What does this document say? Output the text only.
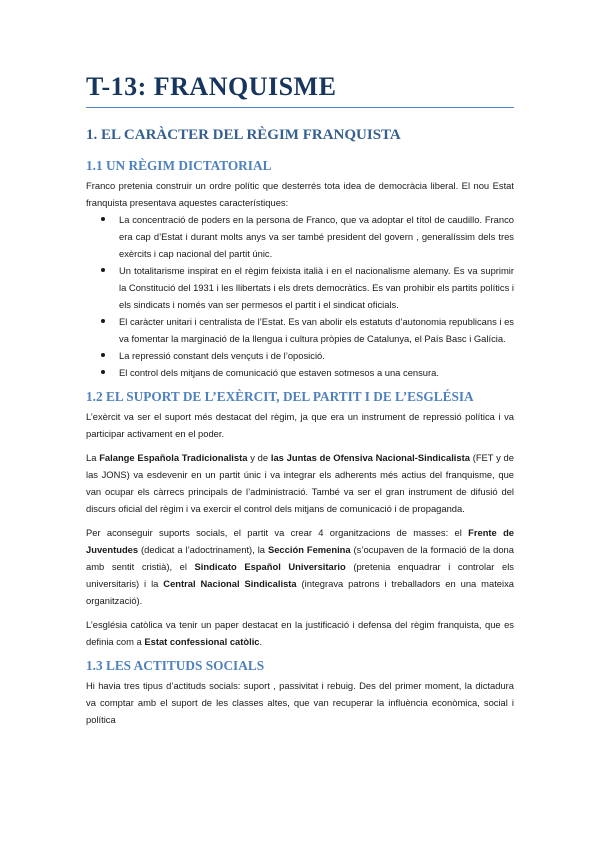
T-13: FRANQUISME
1. EL CARÀCTER DEL RÈGIM FRANQUISTA
1.1 UN RÈGIM DICTATORIAL

Franco pretenia construir un ordre polític que desterrés tota idea de democràcia liberal. El nou Estat franquista presentava aquestes característiques:

La concentració de poders en la persona de Franco, que va adoptar el títol de caudillo. Franco era cap d’Estat i durant molts anys va ser també president del govern , generalíssim dels tres exèrcits i cap nacional del partit únic.
Un totalitarisme inspirat en el règim feixista italià i en el nacionalisme alemany. Es va suprimir la Constitució del 1931 i les llibertats i els drets democràtics. Es van prohibir els partits polítics i els sindicats i només van ser permesos el partit i el sindicat oficials.
El caràcter unitari i centralista de l’Estat. Es van abolir els estatuts d’autonomia republicans i es va fomentar la marginació de la llengua i cultura pròpies de Catalunya, el País Basc i Galícia.
La repressió constant dels vençuts i de l’oposició.
El control dels mitjans de comunicació que estaven sotmesos a una censura.
1.2 EL SUPORT DE L’EXÈRCIT, DEL PARTIT I DE L’ESGLÉSIA

L’exèrcit va ser el suport més destacat del règim, ja que era un instrument de repressió política i va participar activament en el poder.

La Falange Española Tradicionalista y de las Juntas de Ofensiva Nacional-Sindicalista (FET y de las JONS) va esdevenir en un partit únic i va integrar els adherents més actius del franquisme, que van ocupar els càrrecs principals de l’administració. També va ser el gran instrument de difusió del discurs oficial del règim i va exercir el control dels mitjans de comunicació i de propaganda.

Per aconseguir suports socials, el partit va crear 4 organitzacions de masses: el Frente de Juventudes (dedicat a l’adoctrinament), la Sección Femenina (s’ocupaven de la formació de la dona amb sentit cristià), el Sindicato Español Universitario (pretenia enquadrar i controlar els universitaris) i la Central Nacional Sindicalista (integrava patrons i treballadors en una mateixa organització).

L’església catòlica va tenir un paper destacat en la justificació i defensa del règim franquista, que es definia com a Estat confessional catòlic.

1.3 LES ACTITUDS SOCIALS

Hi havia tres tipus d’actituds socials: suport , passivitat i rebuig. Des del primer moment, la dictadura va comptar amb el suport de les classes altes, que van recuperar la influència econòmica, social i política
